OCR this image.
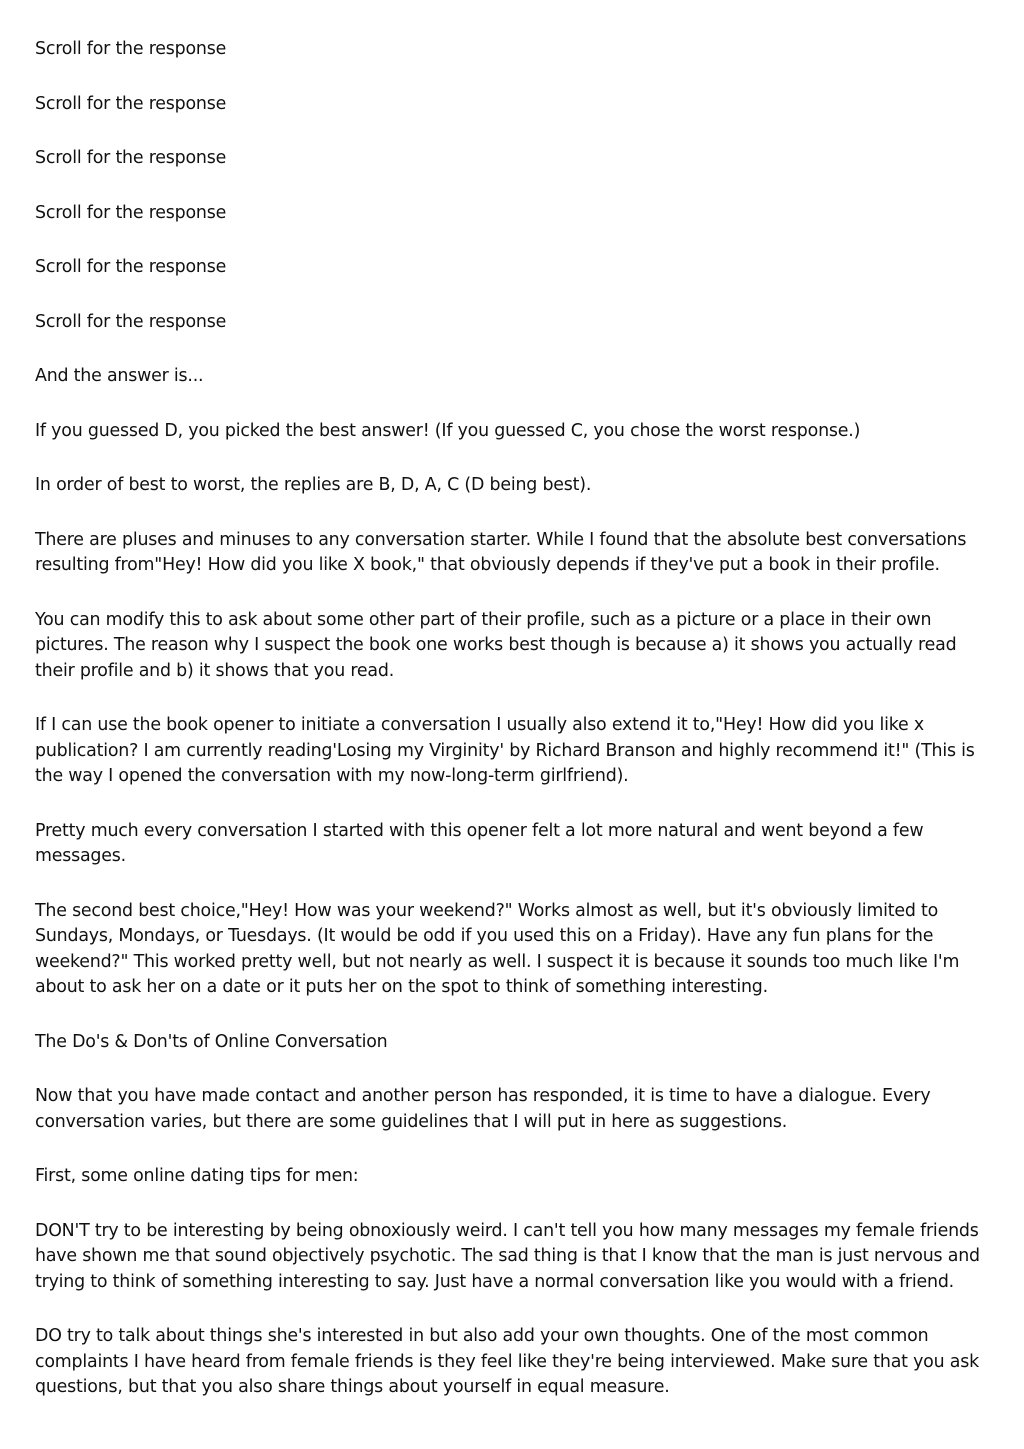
Scroll for the response

Scroll for the response

Scroll for the response

Scroll for the response

Scroll for the response

Scroll for the response

And the answer is...

If you guessed D, you picked the best answer! (If you guessed C, you chose the worst response.)

In order of best to worst, the replies are B, D, A, C (D being best).

There are pluses and minuses to any conversation starter. While I found that the absolute best conversations resulting from"Hey! How did you like X book," that obviously depends if they've put a book in their profile.

You can modify this to ask about some other part of their profile, such as a picture or a place in their own pictures. The reason why I suspect the book one works best though is because a) it shows you actually read their profile and b) it shows that you read.

If I can use the book opener to initiate a conversation I usually also extend it to,"Hey! How did you like x publication? I am currently reading'Losing my Virginity' by Richard Branson and highly recommend it!" (This is the way I opened the conversation with my now-long-term girlfriend).

Pretty much every conversation I started with this opener felt a lot more natural and went beyond a few messages.

The second best choice,"Hey! How was your weekend?" Works almost as well, but it's obviously limited to Sundays, Mondays, or Tuesdays. (It would be odd if you used this on a Friday). Have any fun plans for the weekend?" This worked pretty well, but not nearly as well. I suspect it is because it sounds too much like I'm about to ask her on a date or it puts her on the spot to think of something interesting.

The Do's & Don'ts of Online Conversation

Now that you have made contact and another person has responded, it is time to have a dialogue. Every conversation varies, but there are some guidelines that I will put in here as suggestions.

First, some online dating tips for men:

DON'T try to be interesting by being obnoxiously weird. I can't tell you how many messages my female friends have shown me that sound objectively psychotic. The sad thing is that I know that the man is just nervous and trying to think of something interesting to say. Just have a normal conversation like you would with a friend.

DO try to talk about things she's interested in but also add your own thoughts. One of the most common complaints I have heard from female friends is they feel like they're being interviewed. Make sure that you ask questions, but that you also share things about yourself in equal measure.
